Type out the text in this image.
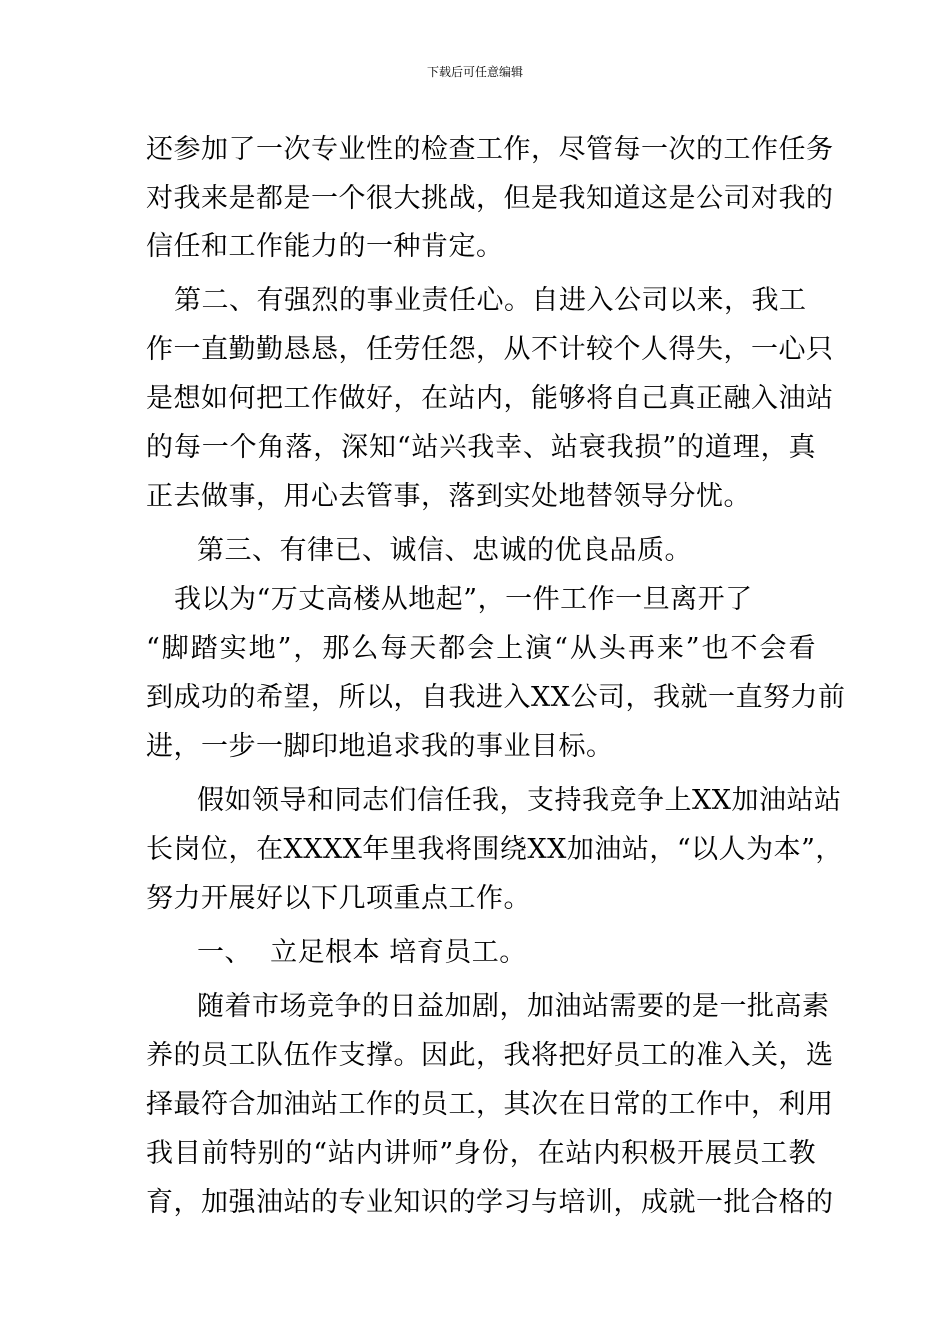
下载后可任意编辑
还参加了一次专业性的检查工作，尽管每一次的工作任务
对我来是都是一个很大挑战，但是我知道这是公司对我的
信任和工作能力的一种肯定。
第二、有强烈的事业责任心。自进入公司以来，我工
作一直勤勤恳恳，任劳任怨，从不计较个人得失，一心只
是想如何把工作做好，在站内，能够将自己真正融入油站
的每一个角落，深知“站兴我幸、站衰我损”的道理，真
正去做事，用心去管事，落到实处地替领导分忧。
第三、有律已、诚信、忠诚的优良品质。
我以为“万丈高楼从地起”，一件工作一旦离开了
“脚踏实地”，那么每天都会上演“从头再来”也不会看
到成功的希望，所以，自我进入XX公司，我就一直努力前
进，一步一脚印地追求我的事业目标。
假如领导和同志们信任我，支持我竞争上XX加油站站
长岗位，在XXXX年里我将围绕XX加油站，“以人为本”，
努力开展好以下几项重点工作。
一、  立足根本 培育员工。
随着市场竞争的日益加剧，加油站需要的是一批高素
养的员工队伍作支撑。因此，我将把好员工的准入关，选
择最符合加油站工作的员工，其次在日常的工作中，利用
我目前特别的“站内讲师”身份，在站内积极开展员工教
育，加强油站的专业知识的学习与培训，成就一批合格的
